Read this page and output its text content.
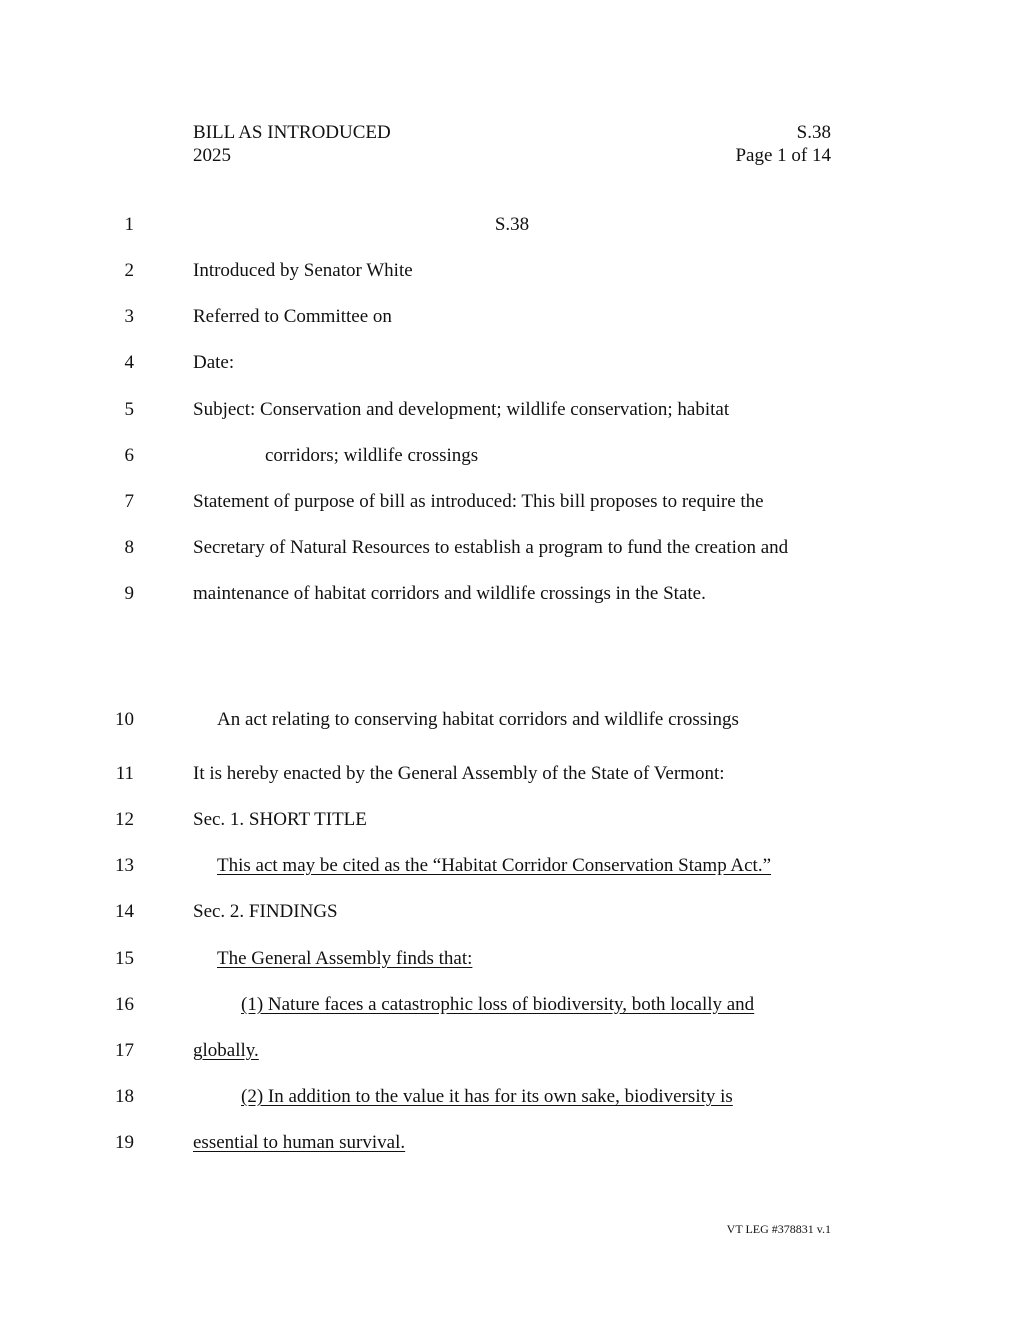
BILL AS INTRODUCED
2025
S.38
Page 1 of 14
1	S.38
2	Introduced by Senator White
3	Referred to Committee on
4	Date:
5	Subject: Conservation and development; wildlife conservation; habitat
6	corridors; wildlife crossings
7	Statement of purpose of bill as introduced: This bill proposes to require the
8	Secretary of Natural Resources to establish a program to fund the creation and
9	maintenance of habitat corridors and wildlife crossings in the State.
10	An act relating to conserving habitat corridors and wildlife crossings
11	It is hereby enacted by the General Assembly of the State of Vermont:
12	Sec. 1. SHORT TITLE
13	This act may be cited as the “Habitat Corridor Conservation Stamp Act.”
14	Sec. 2. FINDINGS
15	The General Assembly finds that:
16	(1) Nature faces a catastrophic loss of biodiversity, both locally and
17	globally.
18	(2) In addition to the value it has for its own sake, biodiversity is
19	essential to human survival.
VT LEG #378831 v.1
